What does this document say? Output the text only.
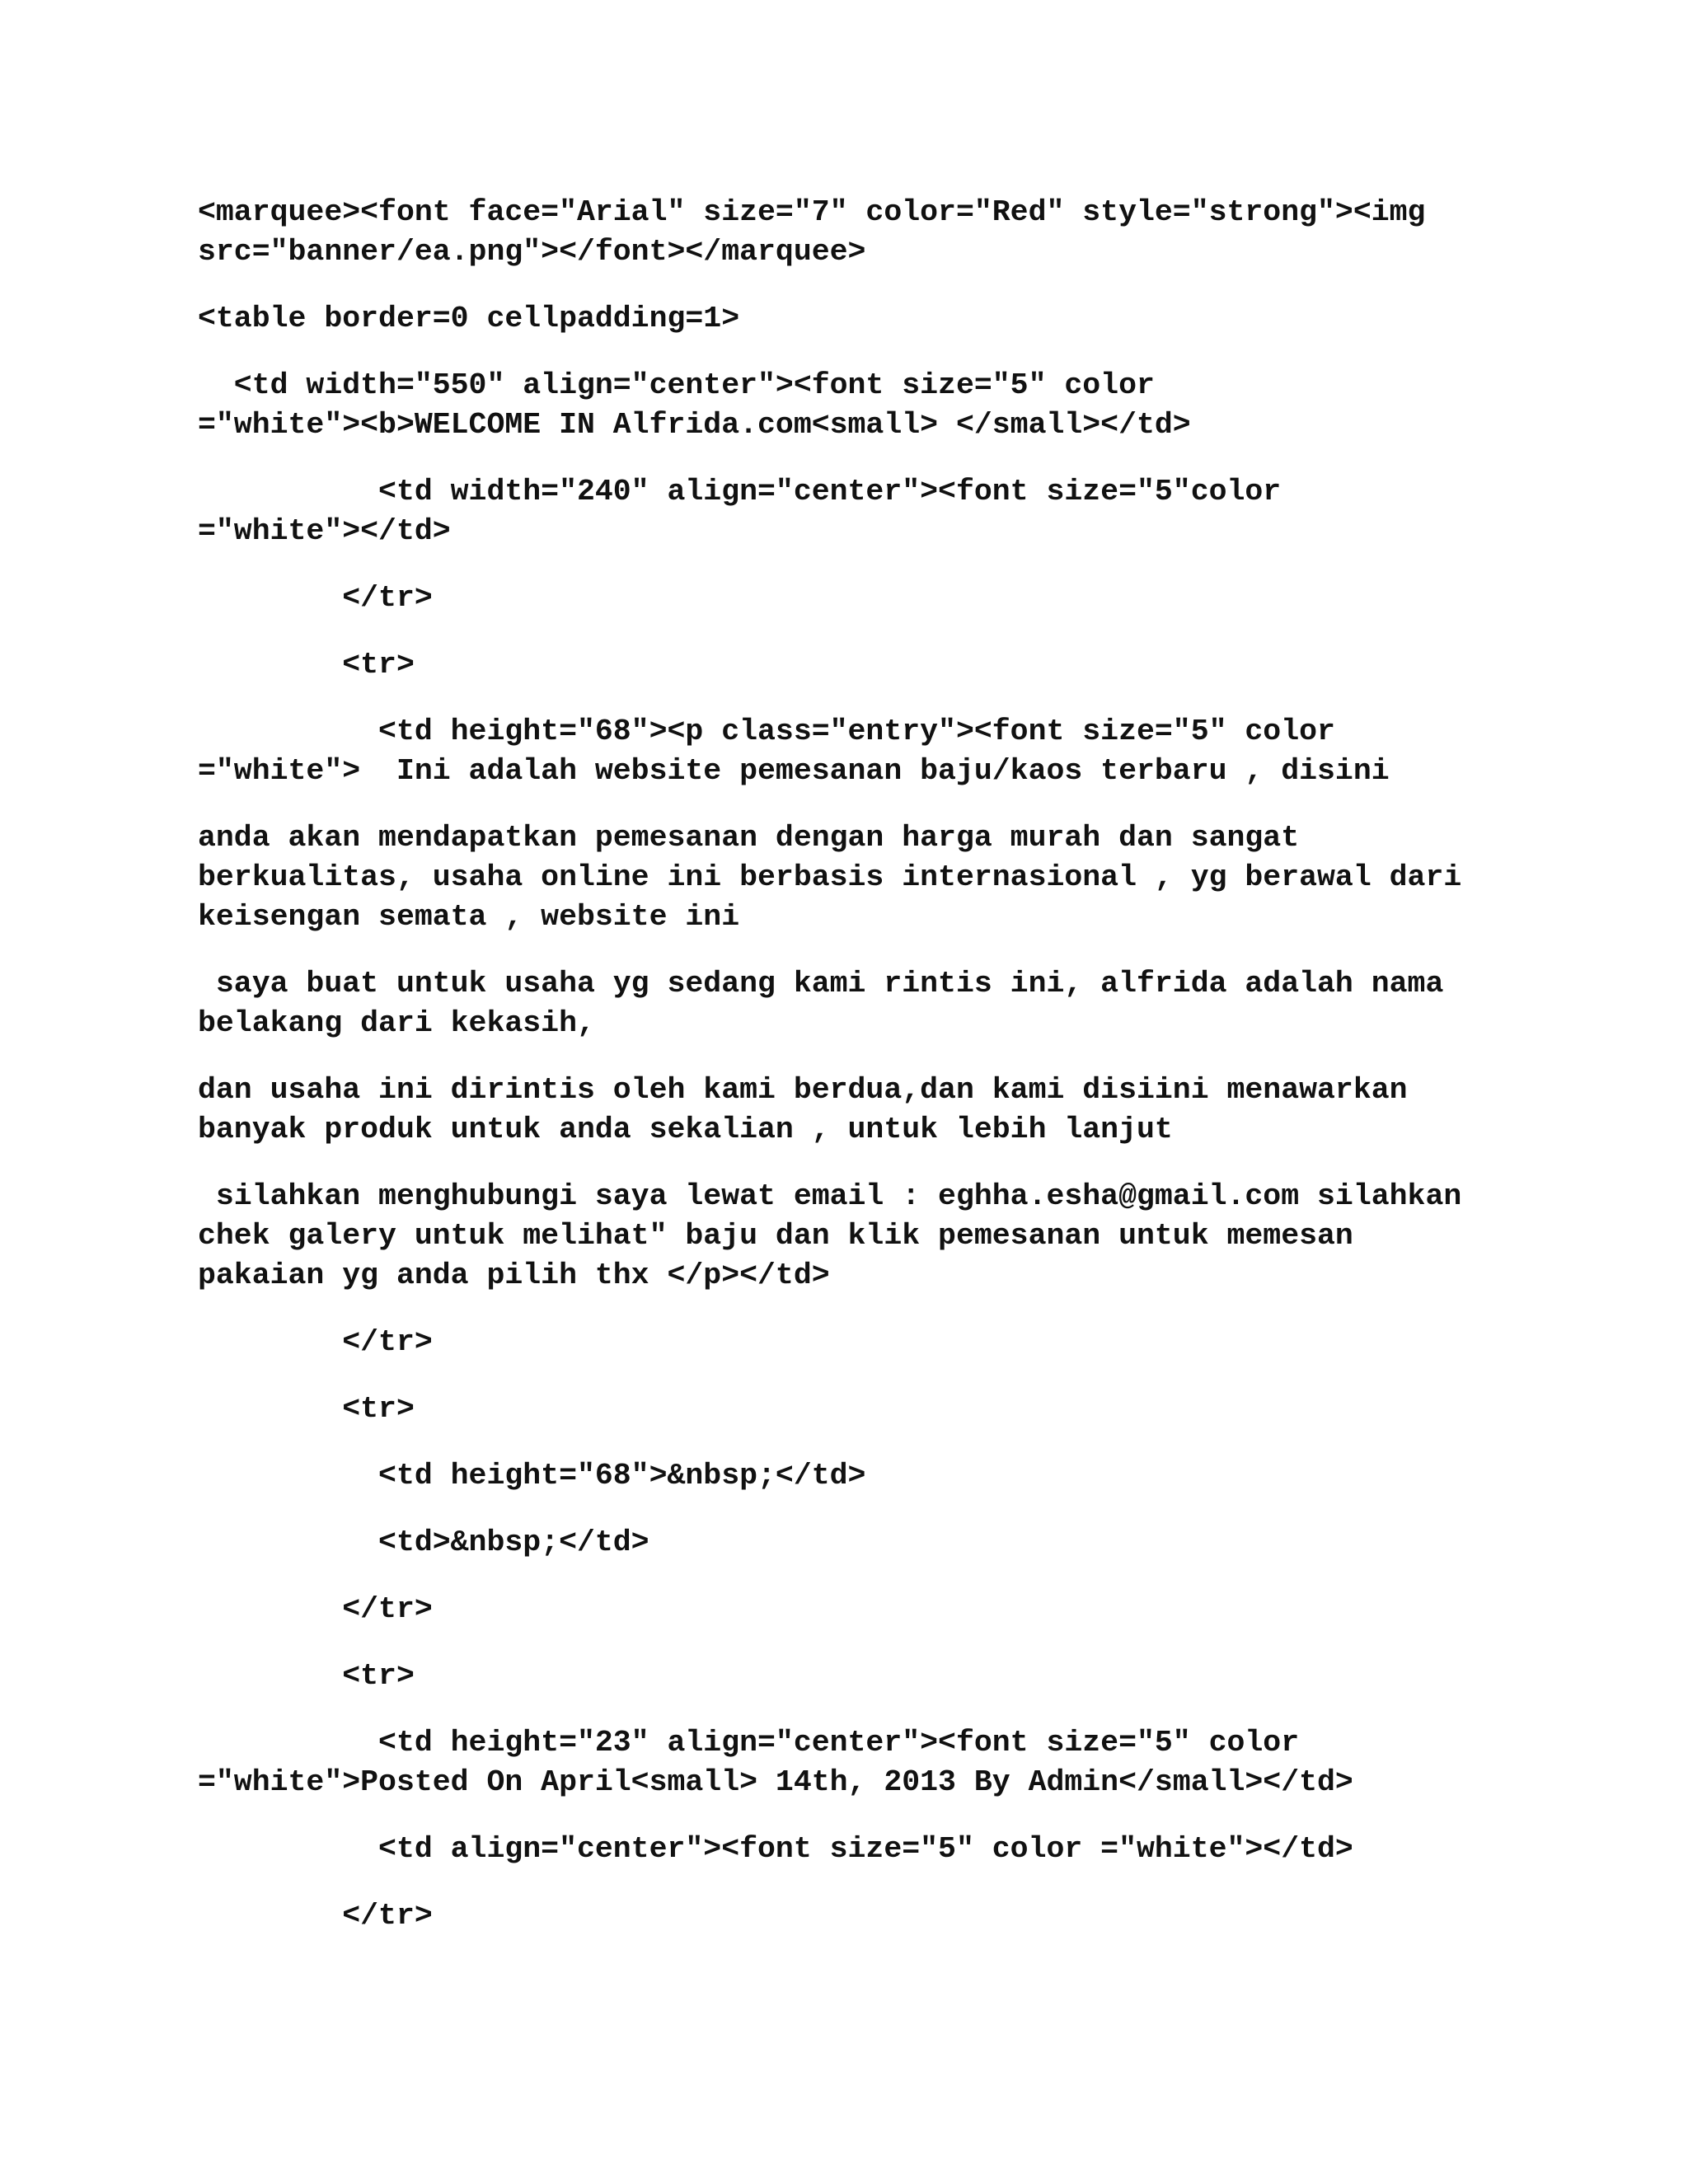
<marquee><font face="Arial" size="7" color="Red" style="strong"><img
src="banner/ea.png"></font></marquee>
<table border=0 cellpadding=1>
<td width="550" align="center"><font size="5" color
="white"><b>WELCOME IN Alfrida.com<small> </small></td>
<td width="240" align="center"><font size="5"color
="white"></td>
</tr>
<tr>
<td height="68"><p class="entry"><font size="5" color
="white">  Ini adalah website pemesanan baju/kaos terbaru , disini
anda akan mendapatkan pemesanan dengan harga murah dan sangat
berkualitas, usaha online ini berbasis internasional , yg berawal dari
keisengan semata , website ini
saya buat untuk usaha yg sedang kami rintis ini, alfrida adalah nama
belakang dari kekasih,
dan usaha ini dirintis oleh kami berdua,dan kami disiini menawarkan
banyak produk untuk anda sekalian , untuk lebih lanjut
silahkan menghubungi saya lewat email : eghha.esha@gmail.com silahkan
chek galery untuk melihat" baju dan klik pemesanan untuk memesan
pakaian yg anda pilih thx </p></td>
</tr>
<tr>
<td height="68">&nbsp;</td>
<td>&nbsp;</td>
</tr>
<tr>
<td height="23" align="center"><font size="5" color
="white">Posted On April<small> 14th, 2013 By Admin</small></td>
<td align="center"><font size="5" color ="white"></td>
</tr>
